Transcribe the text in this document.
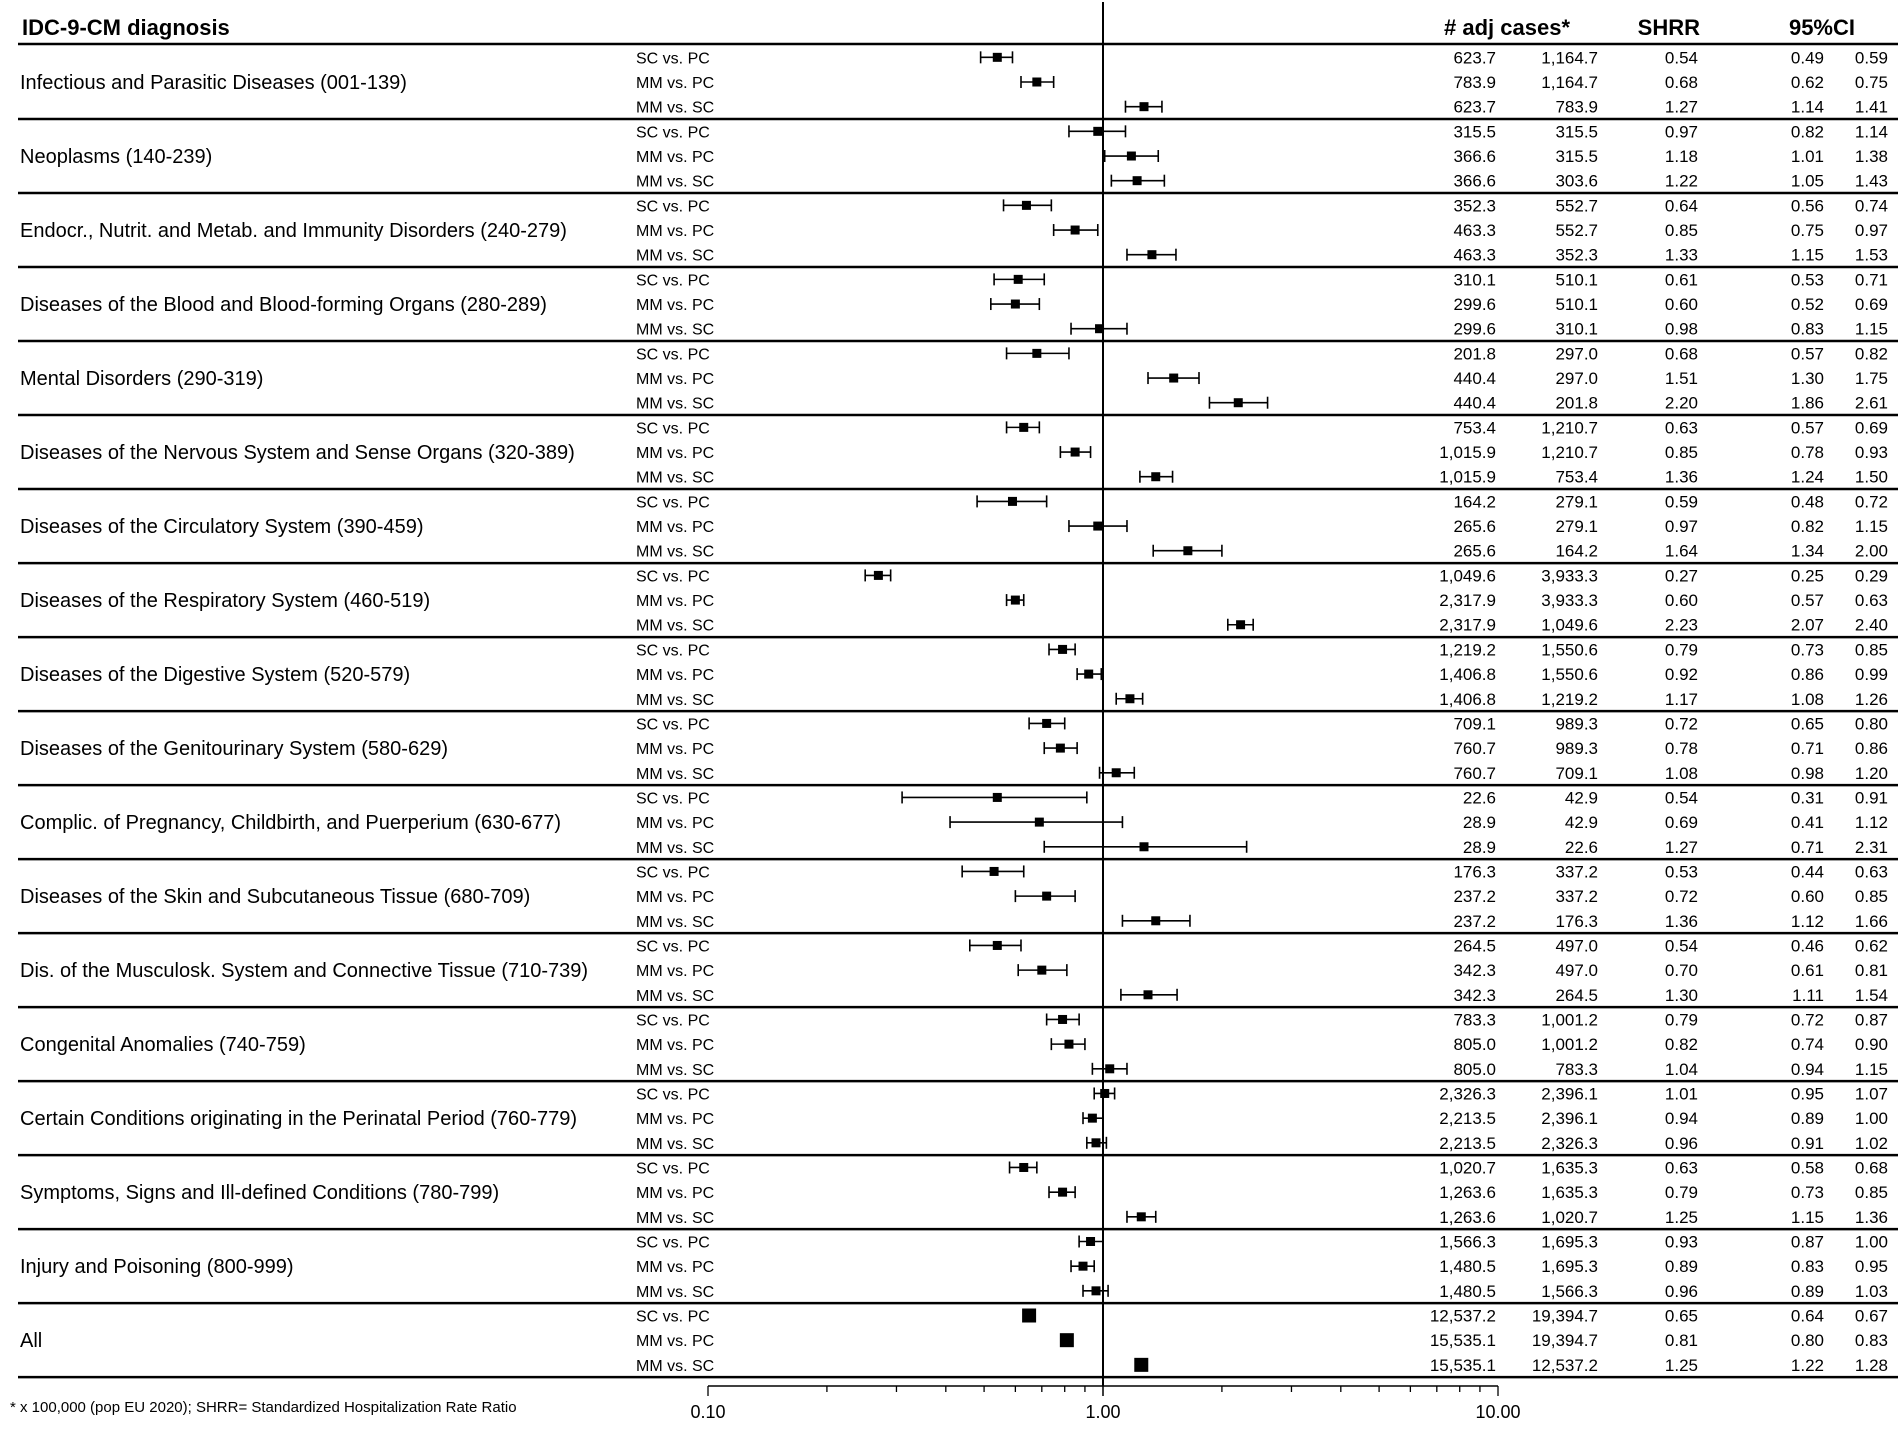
IDC-9-CM diagnosis	# adj cases*	SHRR	95%CI
Infectious and Parasitic Diseases (001-139)
SC vs. PC	623.7	1,164.7	0.54	0.49 0.59
MM vs. PC	783.9	1,164.7	0.68	0.62 0.75
MM vs. SC	623.7	783.9	1.27	1.14 1.41
Neoplasms (140-239)
SC vs. PC	315.5	315.5	0.97	0.82 1.14
MM vs. PC	366.6	315.5	1.18	1.01 1.38
MM vs. SC	366.6	303.6	1.22	1.05 1.43
Endocr., Nutrit. and Metab. and Immunity Disorders (240-279)
SC vs. PC	352.3	552.7	0.64	0.56 0.74
MM vs. PC	463.3	552.7	0.85	0.75 0.97
MM vs. SC	463.3	352.3	1.33	1.15 1.53
Diseases of the Blood and Blood-forming Organs (280-289)
SC vs. PC	310.1	510.1	0.61	0.53 0.71
MM vs. PC	299.6	510.1	0.60	0.52 0.69
MM vs. SC	299.6	310.1	0.98	0.83 1.15
Mental Disorders (290-319)
SC vs. PC	201.8	297.0	0.68	0.57 0.82
MM vs. PC	440.4	297.0	1.51	1.30 1.75
MM vs. SC	440.4	201.8	2.20	1.86 2.61
Diseases of the Nervous System and Sense Organs (320-389)
SC vs. PC	753.4	1,210.7	0.63	0.57 0.69
MM vs. PC	1,015.9	1,210.7	0.85	0.78 0.93
MM vs. SC	1,015.9	753.4	1.36	1.24 1.50
Diseases of the Circulatory System (390-459)
SC vs. PC	164.2	279.1	0.59	0.48 0.72
MM vs. PC	265.6	279.1	0.97	0.82 1.15
MM vs. SC	265.6	164.2	1.64	1.34 2.00
Diseases of the Respiratory System (460-519)
SC vs. PC	1,049.6	3,933.3	0.27	0.25 0.29
MM vs. PC	2,317.9	3,933.3	0.60	0.57 0.63
MM vs. SC	2,317.9	1,049.6	2.23	2.07 2.40
Diseases of the Digestive System (520-579)
SC vs. PC	1,219.2	1,550.6	0.79	0.73 0.85
MM vs. PC	1,406.8	1,550.6	0.92	0.86 0.99
MM vs. SC	1,406.8	1,219.2	1.17	1.08 1.26
Diseases of the Genitourinary System (580-629)
SC vs. PC	709.1	989.3	0.72	0.65 0.80
MM vs. PC	760.7	989.3	0.78	0.71 0.86
MM vs. SC	760.7	709.1	1.08	0.98 1.20
Complic. of Pregnancy, Childbirth, and Puerperium (630-677)
SC vs. PC	22.6	42.9	0.54	0.31 0.91
MM vs. PC	28.9	42.9	0.69	0.41 1.12
MM vs. SC	28.9	22.6	1.27	0.71 2.31
Diseases of the Skin and Subcutaneous Tissue (680-709)
SC vs. PC	176.3	337.2	0.53	0.44 0.63
MM vs. PC	237.2	337.2	0.72	0.60 0.85
MM vs. SC	237.2	176.3	1.36	1.12 1.66
Dis. of the Musculosk. System and Connective Tissue (710-739)
SC vs. PC	264.5	497.0	0.54	0.46 0.62
MM vs. PC	342.3	497.0	0.70	0.61 0.81
MM vs. SC	342.3	264.5	1.30	1.11 1.54
Congenital Anomalies (740-759)
SC vs. PC	783.3	1,001.2	0.79	0.72 0.87
MM vs. PC	805.0	1,001.2	0.82	0.74 0.90
MM vs. SC	805.0	783.3	1.04	0.94 1.15
Certain Conditions originating in the Perinatal Period (760-779)
SC vs. PC	2,326.3	2,396.1	1.01	0.95 1.07
MM vs. PC	2,213.5	2,396.1	0.94	0.89 1.00
MM vs. SC	2,213.5	2,326.3	0.96	0.91 1.02
Symptoms, Signs and Ill-defined Conditions (780-799)
SC vs. PC	1,020.7	1,635.3	0.63	0.58 0.68
MM vs. PC	1,263.6	1,635.3	0.79	0.73 0.85
MM vs. SC	1,263.6	1,020.7	1.25	1.15 1.36
Injury and Poisoning (800-999)
SC vs. PC	1,566.3	1,695.3	0.93	0.87 1.00
MM vs. PC	1,480.5	1,695.3	0.89	0.83 0.95
MM vs. SC	1,480.5	1,566.3	0.96	0.89 1.03
All
SC vs. PC	12,537.2 19,394.7	0.65	0.64 0.67
MM vs. PC	15,535.1 19,394.7	0.81	0.80 0.83
MM vs. SC	15,535.1 12,537.2	1.25	1.22 1.28
0.10	1.00	10.00
* x 100,000 (pop EU 2020); SHRR= Standardized Hospitalization Rate Ratio
